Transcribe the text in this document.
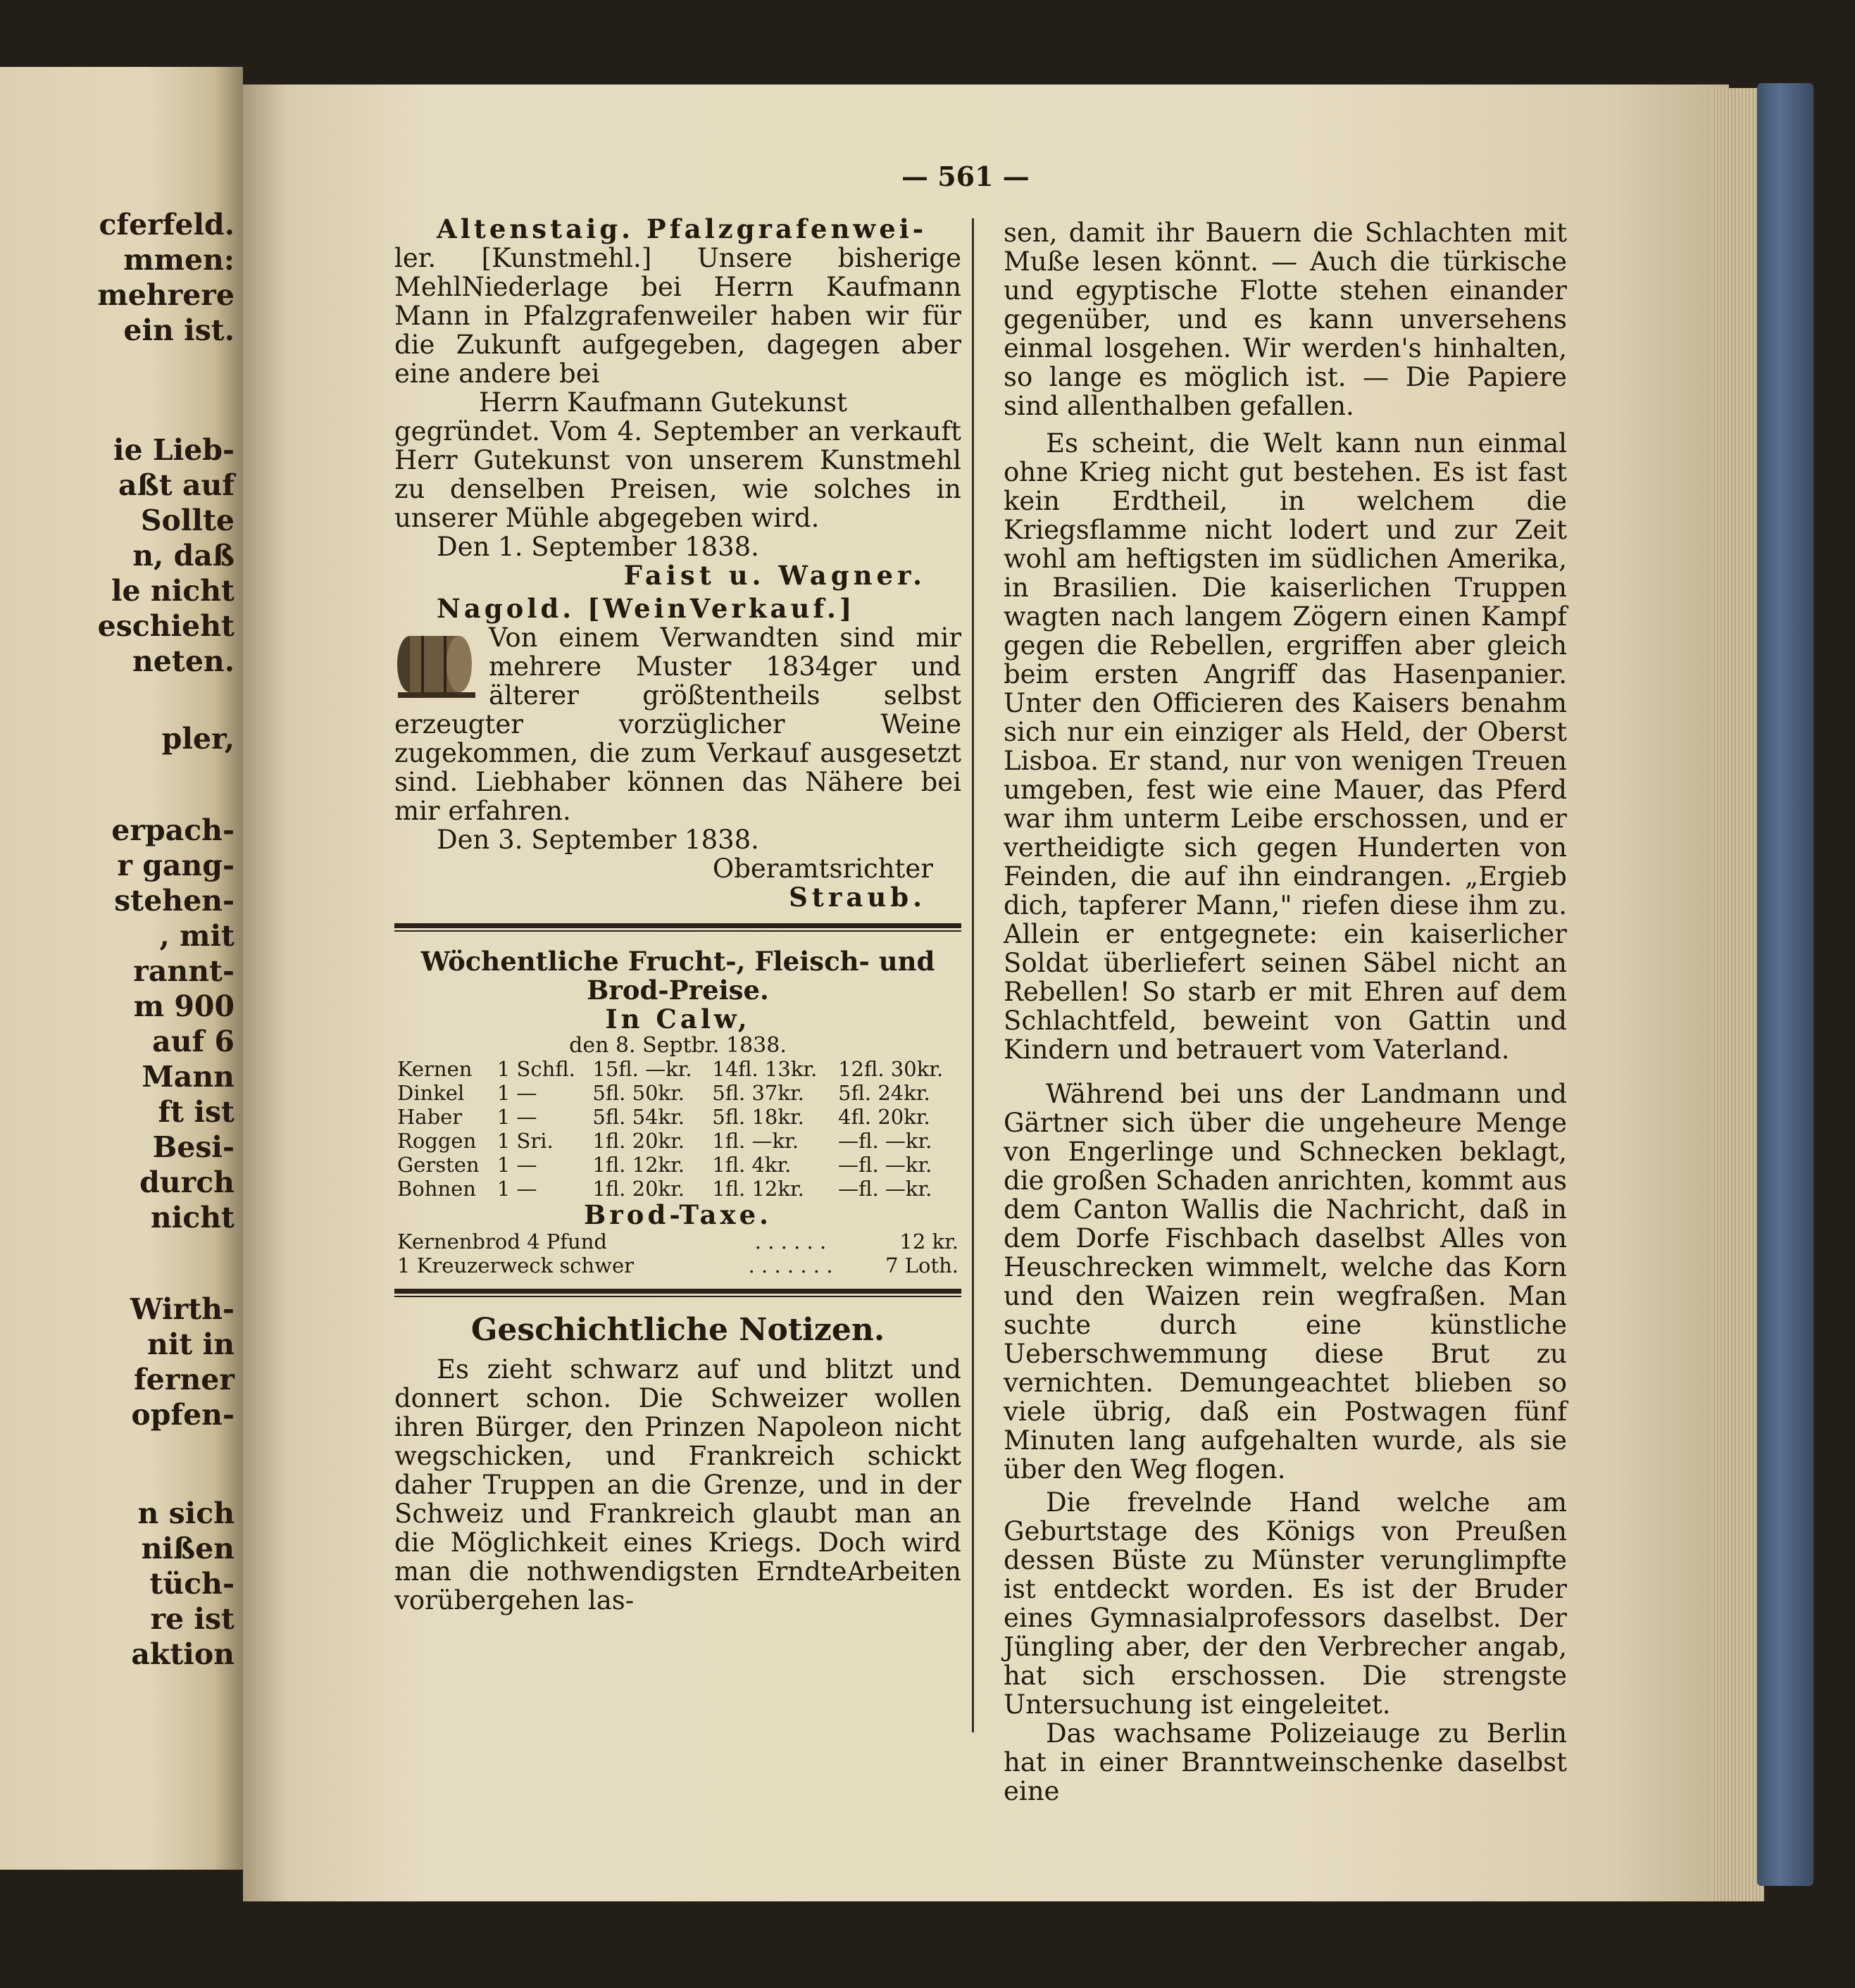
cferfeld.
mmen:
mehrere
ein ist.
ie Lieb-
aßt auf
Sollte
n, daß
le nicht
eschieht
neten.
pler,
erpach-
r gang-
stehen-
, mit
rannt-
m 900
auf 6
Mann
ft ist
Besi-
durch
nicht
Wirth-
nit in
ferner
opfen-
n sich
nißen
tüch-
re ist
aktion
— 561 —

Altenstaig. Pfalzgrafenwei-

ler. [Kunstmehl.] Unsere bisherige MehlNiederlage bei Herrn Kaufmann Mann in Pfalzgrafenweiler haben wir für die Zukunft aufgegeben, dagegen aber eine andere bei

Herrn Kaufmann Gutekunst

gegründet. Vom 4. September an verkauft Herr Gutekunst von unserem Kunstmehl zu denselben Preisen, wie solches in unserer Mühle abgegeben wird.

Den 1. September 1838.

Faist u. Wagner.

Nagold. [WeinVerkauf.]

Von einem Verwandten sind mir mehrere Muster 1834ger und älterer größtentheils selbst erzeugter vorzüglicher Weine zugekommen, die zum Verkauf ausgesetzt sind. Liebhaber können das Nähere bei mir erfahren.

Den 3. September 1838.

Oberamtsrichter

Straub.

Wöchentliche Frucht-, Fleisch- und

Brod-Preise.

In Calw,

den 8. Septbr. 1838.

Kernen	1 Schfl.	15fl. —kr.	14fl. 13kr.	12fl. 30kr.
Dinkel	1 —	5fl. 50kr.	5fl. 37kr.	5fl. 24kr.
Haber	1 —	5fl. 54kr.	5fl. 18kr.	4fl. 20kr.
Roggen	1 Sri.	1fl. 20kr.	1fl. —kr.	—fl. —kr.
Gersten	1 —	1fl. 12kr.	1fl. 4kr.	—fl. —kr.
Bohnen	1 —	1fl. 20kr.	1fl. 12kr.	—fl. —kr.

Brod-Taxe.

Kernenbrod 4 Pfund	. . . . . .	12 kr.
1 Kreuzerweck schwer	. . . . . . .	7 Loth.

Geschichtliche Notizen.

Es zieht schwarz auf und blitzt und donnert schon. Die Schweizer wollen ihren Bürger, den Prinzen Napoleon nicht wegschicken, und Frankreich schickt daher Truppen an die Grenze, und in der Schweiz und Frankreich glaubt man an die Möglichkeit eines Kriegs. Doch wird man die nothwendigsten ErndteArbeiten vorübergehen las-

sen, damit ihr Bauern die Schlachten mit Muße lesen könnt. — Auch die türkische und egyptische Flotte stehen einander gegenüber, und es kann unversehens einmal losgehen. Wir werden's hinhalten, so lange es möglich ist. — Die Papiere sind allenthalben gefallen.

Es scheint, die Welt kann nun einmal ohne Krieg nicht gut bestehen. Es ist fast kein Erdtheil, in welchem die Kriegsflamme nicht lodert und zur Zeit wohl am heftigsten im südlichen Amerika, in Brasilien. Die kaiserlichen Truppen wagten nach langem Zögern einen Kampf gegen die Rebellen, ergriffen aber gleich beim ersten Angriff das Hasenpanier. Unter den Officieren des Kaisers benahm sich nur ein einziger als Held, der Oberst Lisboa. Er stand, nur von wenigen Treuen umgeben, fest wie eine Mauer, das Pferd war ihm unterm Leibe erschossen, und er vertheidigte sich gegen Hunderten von Feinden, die auf ihn eindrangen. „Ergieb dich, tapferer Mann," riefen diese ihm zu. Allein er entgegnete: ein kaiserlicher Soldat überliefert seinen Säbel nicht an Rebellen! So starb er mit Ehren auf dem Schlachtfeld, beweint von Gattin und Kindern und betrauert vom Vaterland.

Während bei uns der Landmann und Gärtner sich über die ungeheure Menge von Engerlinge und Schnecken beklagt, die großen Schaden anrichten, kommt aus dem Canton Wallis die Nachricht, daß in dem Dorfe Fischbach daselbst Alles von Heuschrecken wimmelt, welche das Korn und den Waizen rein wegfraßen. Man suchte durch eine künstliche Ueberschwemmung diese Brut zu vernichten. Demungeachtet blieben so viele übrig, daß ein Postwagen fünf Minuten lang aufgehalten wurde, als sie über den Weg flogen.

Die frevelnde Hand welche am Geburtstage des Königs von Preußen dessen Büste zu Münster verunglimpfte ist entdeckt worden. Es ist der Bruder eines Gymnasialprofessors daselbst. Der Jüngling aber, der den Verbrecher angab, hat sich erschossen. Die strengste Untersuchung ist eingeleitet.

Das wachsame Polizeiauge zu Berlin hat in einer Branntweinschenke daselbst eine
